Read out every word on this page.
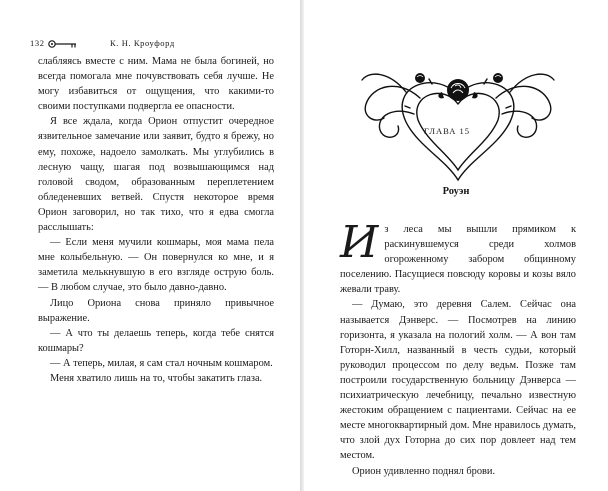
132	К. Н. Кроуфорд

слабляясь вместе с ним. Мама не была богиней, но всегда помогала мне почувствовать себя лучше. Не могу избавиться от ощущения, что какими-то своими поступками подвергла ее опасности.

Я все ждала, когда Орион отпустит очередное язвительное замечание или заявит, будто я брежу, но ему, похоже, надоело замолкать. Мы углубились в лесную чащу, шагая под возвышающимся над головой сводом, образованным переплетением обледеневших ветвей. Спустя некоторое время Орион заговорил, но так тихо, что я едва смогла расслышать:

— Если меня мучили кошмары, моя мама пела мне колыбельную. — Он повернулся ко мне, и я заметила мелькнувшую в его взгляде острую боль. — В любом случае, это было давно-давно.

Лицо Ориона снова приняло привычное выражение.

— А что ты делаешь теперь, когда тебе снятся кошмары?

— А теперь, милая, я сам стал ночным кошмаром.

Меня хватило лишь на то, чтобы закатить глаза.

ГЛАВА 15
Роуэн

Из леса мы вышли прямиком к раскинувшемуся среди холмов огороженному забором общинному поселению. Пасущиеся повсюду коровы и козы вяло жевали траву.

— Думаю, это деревня Салем. Сейчас она называется Дэнверс. — Посмотрев на линию горизонта, я указала на пологий холм. — А вон там Готорн-Хилл, названный в честь судьи, который руководил процессом по делу ведьм. Позже там построили государственную больницу Дэнверса — психиатрическую лечебницу, печально известную жестоким обращением с пациентами. Сейчас на ее месте многоквартирный дом. Мне нравилось думать, что злой дух Готорна до сих пор довлеет над тем местом.

Орион удивленно поднял брови.
